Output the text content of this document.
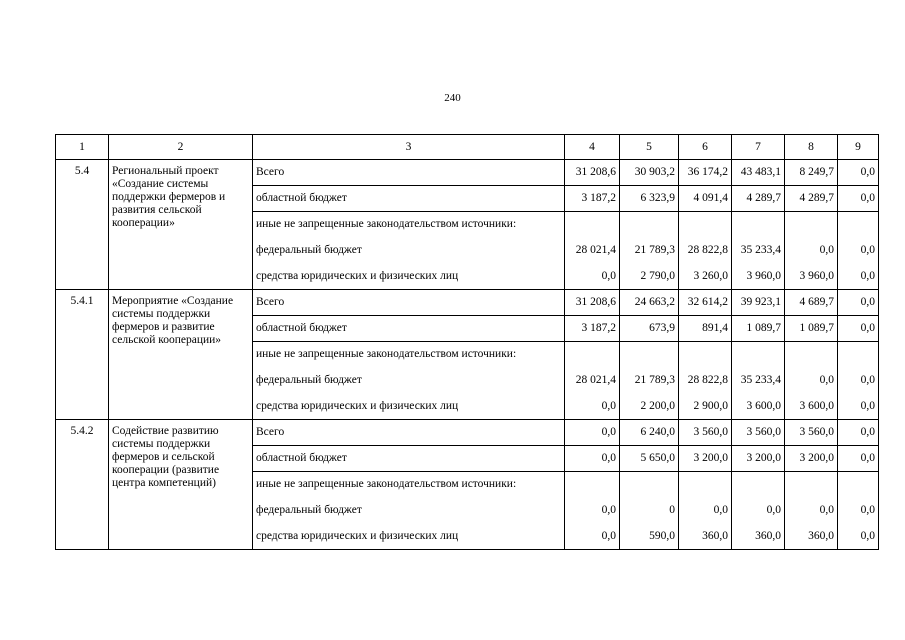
240
1	2	3	4	5	6	7	8	9
5.4	Региональный проект «Создание системы поддержки фермеров и развития сельской кооперации»	Всего	31 208,6	30 903,2	36 174,2	43 483,1	8 249,7	0,0
		областной бюджет	3 187,2	6 323,9	4 091,4	4 289,7	4 289,7	0,0
		иные не запрещенные законодательством источники:						
		федеральный бюджет	28 021,4	21 789,3	28 822,8	35 233,4	0,0	0,0
		средства юридических и физических лиц	0,0	2 790,0	3 260,0	3 960,0	3 960,0	0,0
5.4.1	Мероприятие «Создание системы поддержки фермеров и развитие сельской кооперации»	Всего	31 208,6	24 663,2	32 614,2	39 923,1	4 689,7	0,0
		областной бюджет	3 187,2	673,9	891,4	1 089,7	1 089,7	0,0
		иные не запрещенные законодательством источники:						
		федеральный бюджет	28 021,4	21 789,3	28 822,8	35 233,4	0,0	0,0
		средства юридических и физических лиц	0,0	2 200,0	2 900,0	3 600,0	3 600,0	0,0
5.4.2	Содействие развитию системы поддержки фермеров и сельской кооперации (развитие центра компетенций)	Всего	0,0	6 240,0	3 560,0	3 560,0	3 560,0	0,0
		областной бюджет	0,0	5 650,0	3 200,0	3 200,0	3 200,0	0,0
		иные не запрещенные законодательством источники:						
		федеральный бюджет	0,0	0	0,0	0,0	0,0	0,0
		средства юридических и физических лиц	0,0	590,0	360,0	360,0	360,0	0,0
